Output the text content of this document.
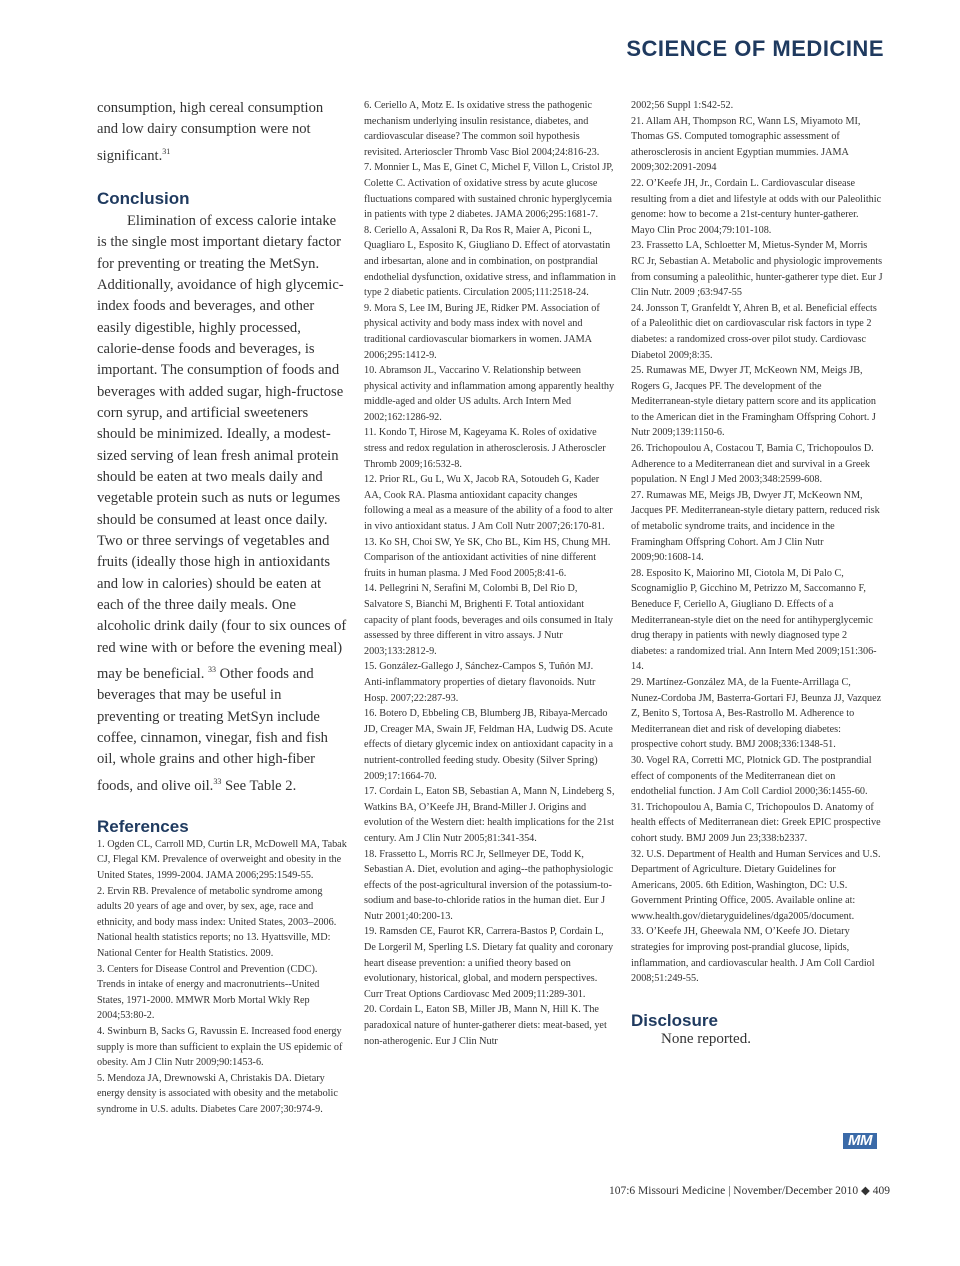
SCIENCE OF MEDICINE

consumption, high cereal consumption and low dairy consumption were not significant.$^{31}$

Conclusion

Elimination of excess calorie intake is the single most important dietary factor for preventing or treating the MetSyn. Additionally, avoidance of high glycemic-index foods and beverages, and other easily digestible, highly processed, calorie-dense foods and beverages, is important. The consumption of foods and beverages with added sugar, high-fructose corn syrup, and artificial sweeteners should be minimized. Ideally, a modest-sized serving of lean fresh animal protein should be eaten at two meals daily and vegetable protein such as nuts or legumes should be consumed at least once daily. Two or three servings of vegetables and fruits (ideally those high in antioxidants and low in calories) should be eaten at each of the three daily meals. One alcoholic drink daily (four to six ounces of red wine with or before the evening meal) may be beneficial. $^{33}$ Other foods and beverages that may be useful in preventing or treating MetSyn include coffee, cinnamon, vinegar, fish and fish oil, whole grains and other high-fiber foods, and olive oil.$^{33}$ See Table 2.

References

1. Ogden CL, Carroll MD, Curtin LR, McDowell MA, Tabak CJ, Flegal KM. Prevalence of overweight and obesity in the United States, 1999-2004. JAMA 2006;295:1549-55.

2. Ervin RB. Prevalence of metabolic syndrome among adults 20 years of age and over, by sex, age, race and ethnicity, and body mass index: United States, 2003–2006. National health statistics reports; no 13. Hyattsville, MD: National Center for Health Statistics. 2009.

3. Centers for Disease Control and Prevention (CDC). Trends in intake of energy and macronutrients--United States, 1971-2000. MMWR Morb Mortal Wkly Rep 2004;53:80-2.

4. Swinburn B, Sacks G, Ravussin E. Increased food energy supply is more than sufficient to explain the US epidemic of obesity. Am J Clin Nutr 2009;90:1453-6.

5. Mendoza JA, Drewnowski A, Christakis DA. Dietary energy density is associated with obesity and the metabolic syndrome in U.S. adults. Diabetes Care 2007;30:974-9.

6. Ceriello A, Motz E. Is oxidative stress the pathogenic mechanism underlying insulin resistance, diabetes, and cardiovascular disease? The common soil hypothesis revisited. Arterioscler Thromb Vasc Biol 2004;24:816-23.

7. Monnier L, Mas E, Ginet C, Michel F, Villon L, Cristol JP, Colette C. Activation of oxidative stress by acute glucose fluctuations compared with sustained chronic hyperglycemia in patients with type 2 diabetes. JAMA 2006;295:1681-7.

8. Ceriello A, Assaloni R, Da Ros R, Maier A, Piconi L, Quagliaro L, Esposito K, Giugliano D. Effect of atorvastatin and irbesartan, alone and in combination, on postprandial endothelial dysfunction, oxidative stress, and inflammation in type 2 diabetic patients. Circulation 2005;111:2518-24.

9. Mora S, Lee IM, Buring JE, Ridker PM. Association of physical activity and body mass index with novel and traditional cardiovascular biomarkers in women. JAMA 2006;295:1412-9.

10. Abramson JL, Vaccarino V. Relationship between physical activity and inflammation among apparently healthy middle-aged and older US adults. Arch Intern Med 2002;162:1286-92.

11. Kondo T, Hirose M, Kageyama K. Roles of oxidative stress and redox regulation in atherosclerosis. J Atheroscler Thromb 2009;16:532-8.

12. Prior RL, Gu L, Wu X, Jacob RA, Sotoudeh G, Kader AA, Cook RA. Plasma antioxidant capacity changes following a meal as a measure of the ability of a food to alter in vivo antioxidant status. J Am Coll Nutr 2007;26:170-81.

13. Ko SH, Choi SW, Ye SK, Cho BL, Kim HS, Chung MH. Comparison of the antioxidant activities of nine different fruits in human plasma. J Med Food 2005;8:41-6.

14. Pellegrini N, Serafini M, Colombi B, Del Rio D, Salvatore S, Bianchi M, Brighenti F. Total antioxidant capacity of plant foods, beverages and oils consumed in Italy assessed by three different in vitro assays. J Nutr 2003;133:2812-9.

15. González-Gallego J, Sánchez-Campos S, Tuñón MJ. Anti-inflammatory properties of dietary flavonoids. Nutr Hosp. 2007;22:287-93.

16. Botero D, Ebbeling CB, Blumberg JB, Ribaya-Mercado JD, Creager MA, Swain JF, Feldman HA, Ludwig DS. Acute effects of dietary glycemic index on antioxidant capacity in a nutrient-controlled feeding study. Obesity (Silver Spring) 2009;17:1664-70.

17. Cordain L, Eaton SB, Sebastian A, Mann N, Lindeberg S, Watkins BA, O’Keefe JH, Brand-Miller J. Origins and evolution of the Western diet: health implications for the 21st century. Am J Clin Nutr 2005;81:341-354.

18. Frassetto L, Morris RC Jr, Sellmeyer DE, Todd K, Sebastian A. Diet, evolution and aging--the pathophysiologic effects of the post-agricultural inversion of the potassium-to-sodium and base-to-chloride ratios in the human diet. Eur J Nutr 2001;40:200-13.

19. Ramsden CE, Faurot KR, Carrera-Bastos P, Cordain L, De Lorgeril M, Sperling LS. Dietary fat quality and coronary heart disease prevention: a unified theory based on evolutionary, historical, global, and modern perspectives. Curr Treat Options Cardiovasc Med 2009;11:289-301.

20. Cordain L, Eaton SB, Miller JB, Mann N, Hill K. The paradoxical nature of hunter-gatherer diets: meat-based, yet non-atherogenic. Eur J Clin Nutr

2002;56 Suppl 1:S42-52.

21. Allam AH, Thompson RC, Wann LS, Miyamoto MI, Thomas GS. Computed tomographic assessment of atherosclerosis in ancient Egyptian mummies. JAMA 2009;302:2091-2094

22. O’Keefe JH, Jr., Cordain L. Cardiovascular disease resulting from a diet and lifestyle at odds with our Paleolithic genome: how to become a 21st-century hunter-gatherer. Mayo Clin Proc 2004;79:101-108.

23. Frassetto LA, Schloetter M, Mietus-Synder M, Morris RC Jr, Sebastian A. Metabolic and physiologic improvements from consuming a paleolithic, hunter-gatherer type diet. Eur J Clin Nutr. 2009 ;63:947-55

24. Jonsson T, Granfeldt Y, Ahren B, et al. Beneficial effects of a Paleolithic diet on cardiovascular risk factors in type 2 diabetes: a randomized cross-over pilot study. Cardiovasc Diabetol 2009;8:35.

25. Rumawas ME, Dwyer JT, McKeown NM, Meigs JB, Rogers G, Jacques PF. The development of the Mediterranean-style dietary pattern score and its application to the American diet in the Framingham Offspring Cohort. J Nutr 2009;139:1150-6.

26. Trichopoulou A, Costacou T, Bamia C, Trichopoulos D. Adherence to a Mediterranean diet and survival in a Greek population. N Engl J Med 2003;348:2599-608.

27. Rumawas ME, Meigs JB, Dwyer JT, McKeown NM, Jacques PF. Mediterranean-style dietary pattern, reduced risk of metabolic syndrome traits, and incidence in the Framingham Offspring Cohort. Am J Clin Nutr 2009;90:1608-14.

28. Esposito K, Maiorino MI, Ciotola M, Di Palo C, Scognamiglio P, Gicchino M, Petrizzo M, Saccomanno F, Beneduce F, Ceriello A, Giugliano D. Effects of a Mediterranean-style diet on the need for antihyperglycemic drug therapy in patients with newly diagnosed type 2 diabetes: a randomized trial. Ann Intern Med 2009;151:306-14.

29. Martínez-González MA, de la Fuente-Arrillaga C, Nunez-Cordoba JM, Basterra-Gortari FJ, Beunza JJ, Vazquez Z, Benito S, Tortosa A, Bes-Rastrollo M. Adherence to Mediterranean diet and risk of developing diabetes: prospective cohort study. BMJ 2008;336:1348-51.

30. Vogel RA, Corretti MC, Plotnick GD. The postprandial effect of components of the Mediterranean diet on endothelial function. J Am Coll Cardiol 2000;36:1455-60.

31. Trichopoulou A, Bamia C, Trichopoulos D. Anatomy of health effects of Mediterranean diet: Greek EPIC prospective cohort study. BMJ 2009 Jun 23;338:b2337.

32. U.S. Department of Health and Human Services and U.S. Department of Agriculture. Dietary Guidelines for Americans, 2005. 6th Edition, Washington, DC: U.S. Government Printing Office, 2005. Available online at: www.health.gov/dietaryguidelines/dga2005/document.

33. O’Keefe JH, Gheewala NM, O’Keefe JO. Dietary strategies for improving post-prandial glucose, lipids, inflammation, and cardiovascular health. J Am Coll Cardiol 2008;51:249-55.

Disclosure

None reported.

MM
107:6 Missouri Medicine | November/December 2010 ◆ 409
